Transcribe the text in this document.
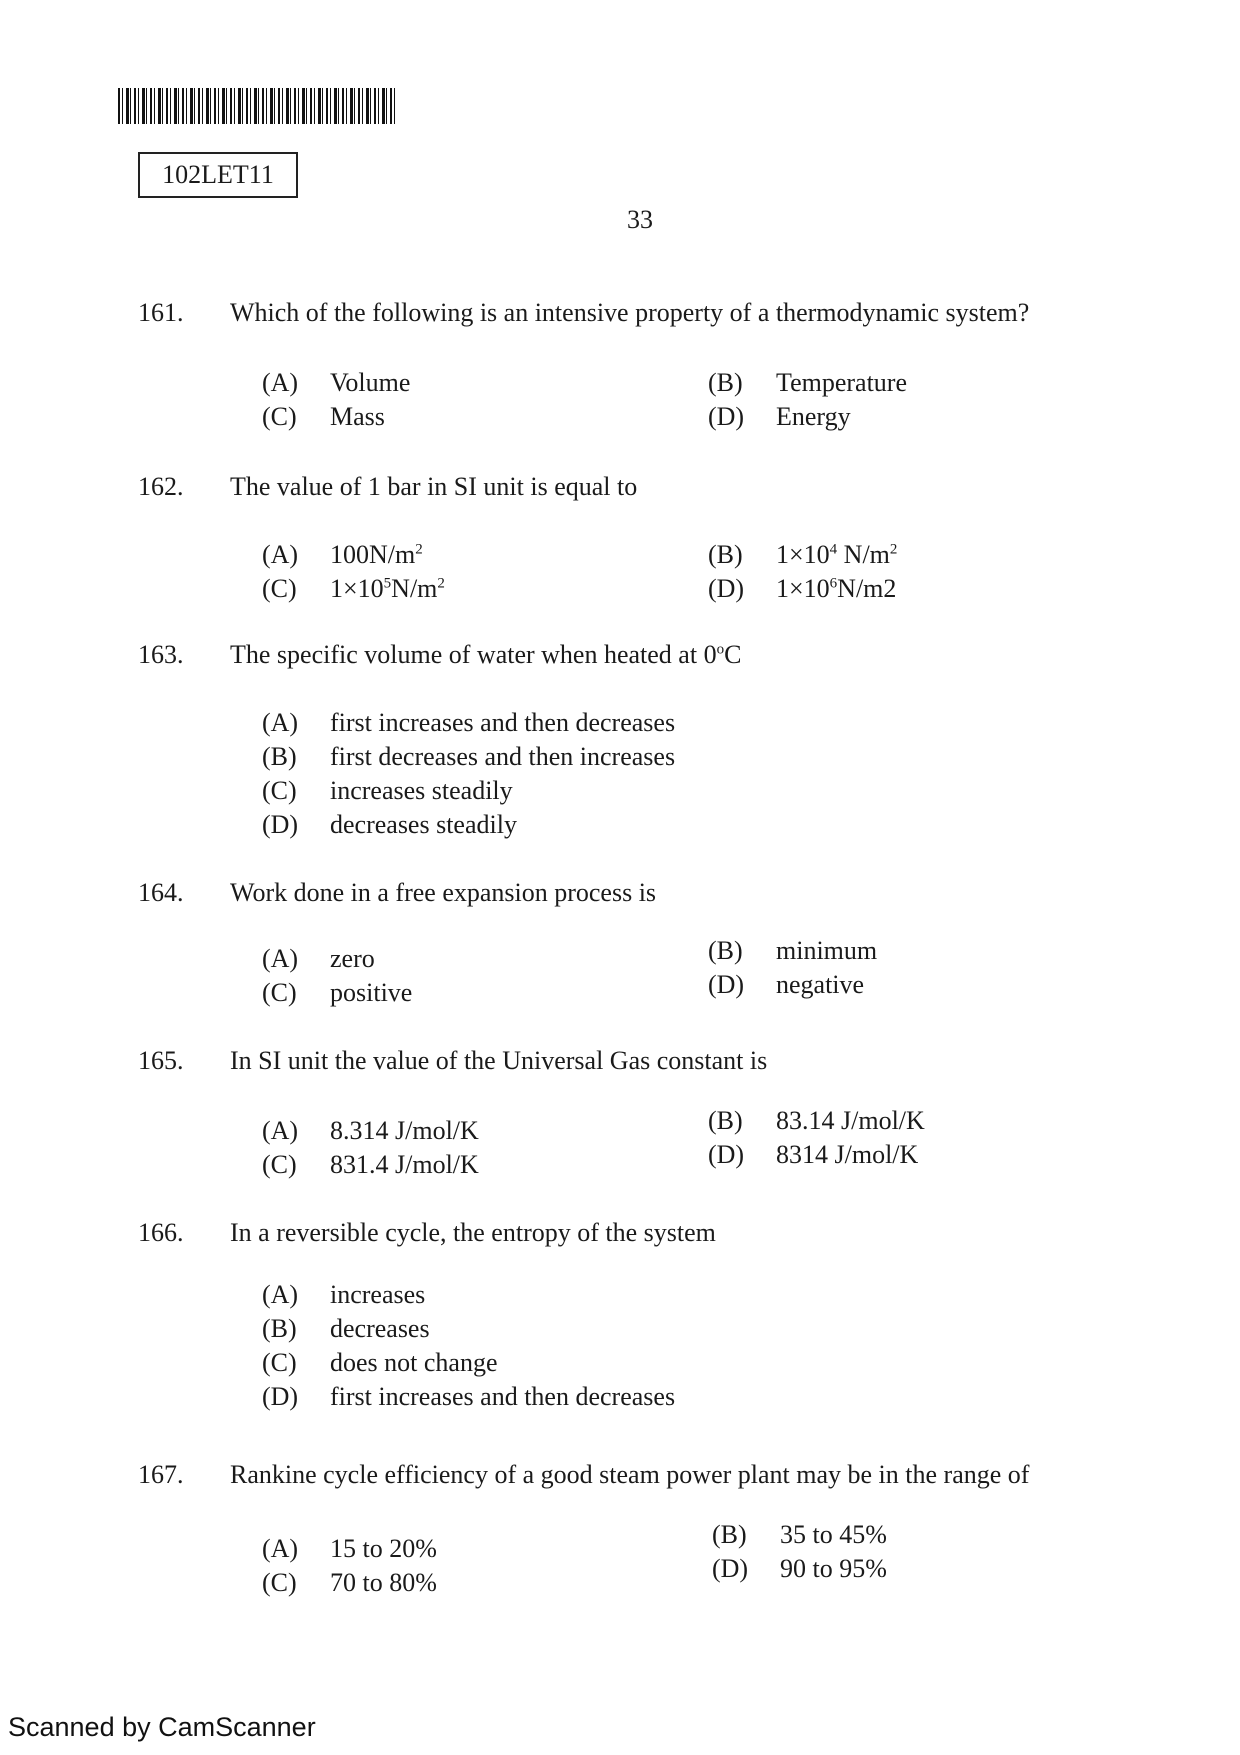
102LET11
33
161. Which of the following is an intensive property of a thermodynamic system?
(A) Volume	(B) Temperature
(C) Mass	(D) Energy
162. The value of 1 bar in SI unit is equal to
(A) $100N/m^2$	(B) $1\times 10^4$ $N/m^2$
(C) $1\times 10^5N/m^2$	(D) $1\times 10^6N/m2$
163. The specific volume of water when heated at 0$^o$C
(A) first increases and then decreases
(B) first decreases and then increases
(C) increases steadily
(D) decreases steadily
164. Work done in a free expansion process is
(A) zero	(B) minimum
(C) positive	(D) negative
165. In SI unit the value of the Universal Gas constant is
(A) 8.314 J/mol/K	(B) 83.14 J/mol/K
(C) 831.4 J/mol/K	(D) 8314 J/mol/K
166. In a reversible cycle, the entropy of the system
(A) increases
(B) decreases
(C) does not change
(D) first increases and then decreases
167. Rankine cycle efficiency of a good steam power plant may be in the range of
(A) 15 to 20%	(B) 35 to 45%
(C) 70 to 80%	(D) 90 to 95%
Scanned by CamScanner
